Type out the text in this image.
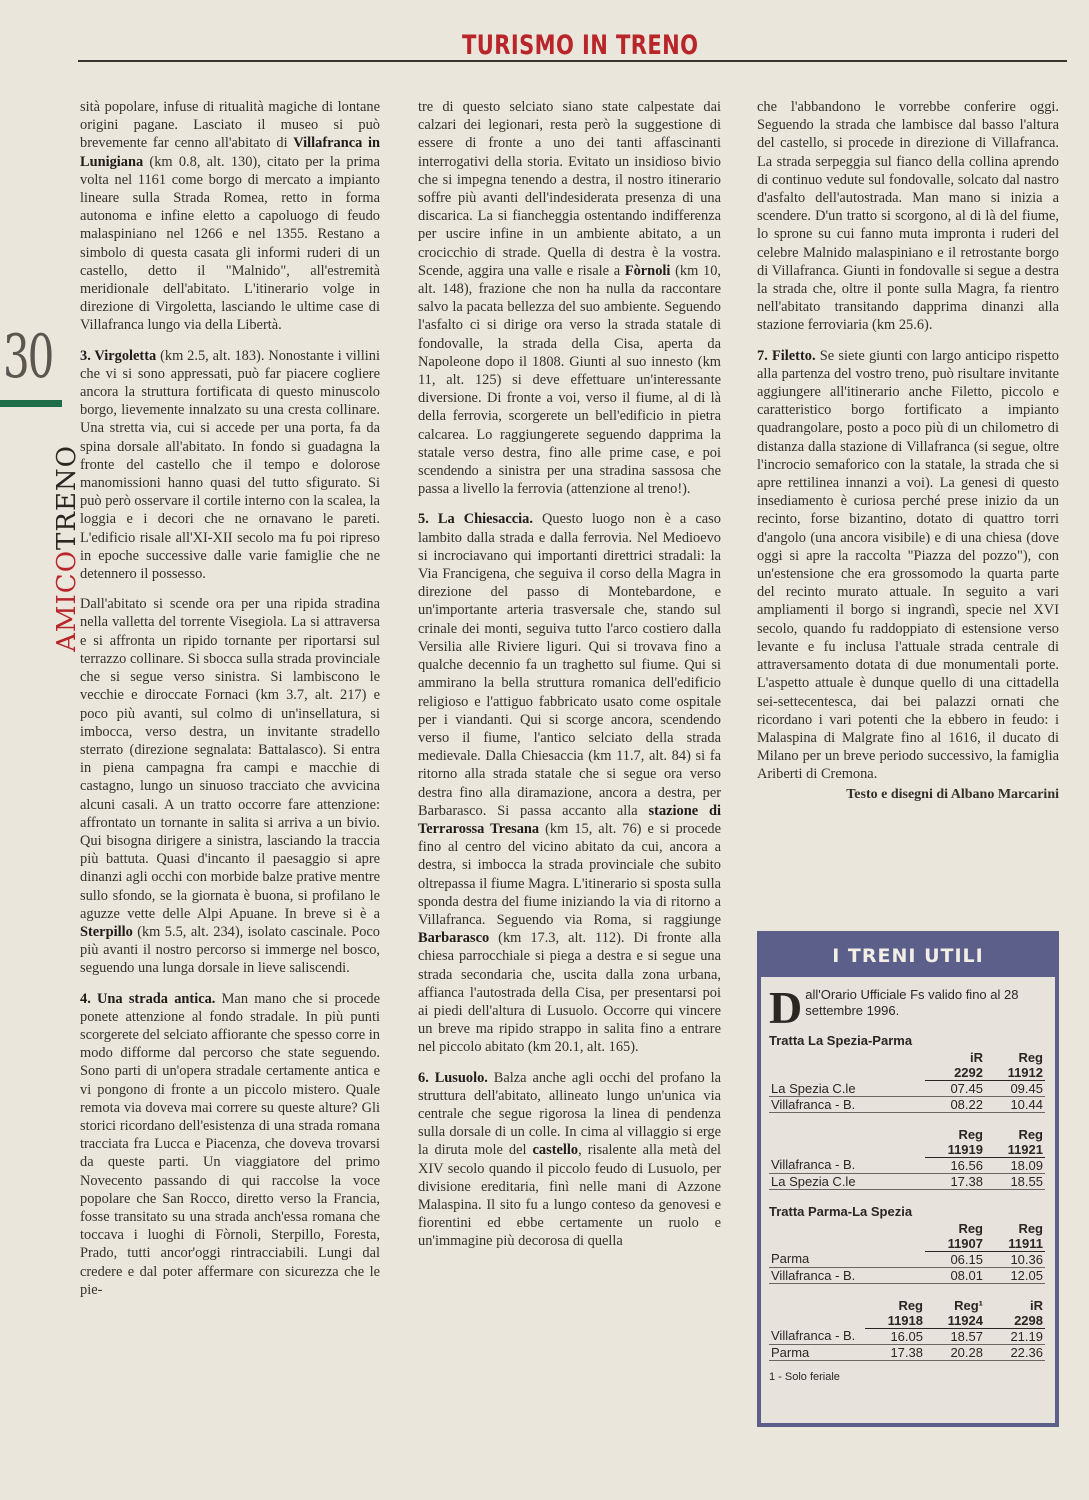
TURISMO IN TRENO
30
AMICOTRENO

sità popolare, infuse di ritualità magiche di lontane origini pagane. Lasciato il museo si può brevemente far cenno all'abitato di Villafranca in Lunigiana (km 0.8, alt. 130), citato per la prima volta nel 1161 come borgo di mercato a impianto lineare sulla Strada Romea, retto in forma autonoma e infine eletto a capoluogo di feudo malaspiniano nel 1266 e nel 1355. Restano a simbolo di questa casata gli informi ruderi di un castello, detto il "Malnido", all'estremità meridionale dell'abitato. L'itinerario volge in direzione di Virgoletta, lasciando le ultime case di Villafranca lungo via della Libertà.

3. Virgoletta (km 2.5, alt. 183). Nonostante i villini che vi si sono appressati, può far piacere cogliere ancora la struttura fortificata di questo minuscolo borgo, lievemente innalzato su una cresta collinare. Una stretta via, cui si accede per una porta, fa da spina dorsale all'abitato. In fondo si guadagna la fronte del castello che il tempo e dolorose manomissioni hanno quasi del tutto sfigurato. Si può però osservare il cortile interno con la scalea, la loggia e i decori che ne ornavano le pareti. L'edificio risale all'XI-XII secolo ma fu poi ripreso in epoche successive dalle varie famiglie che ne detennero il possesso.

Dall'abitato si scende ora per una ripida stradina nella valletta del torrente Visegiola. La si attraversa e si affronta un ripido tornante per riportarsi sul terrazzo collinare. Si sbocca sulla strada provinciale che si segue verso sinistra. Si lambiscono le vecchie e diroccate Fornaci (km 3.7, alt. 217) e poco più avanti, sul colmo di un'insellatura, si imbocca, verso destra, un invitante stradello sterrato (direzione segnalata: Battalasco). Si entra in piena campagna fra campi e macchie di castagno, lungo un sinuoso tracciato che avvicina alcuni casali. A un tratto occorre fare attenzione: affrontato un tornante in salita si arriva a un bivio. Qui bisogna dirigere a sinistra, lasciando la traccia più battuta. Quasi d'incanto il paesaggio si apre dinanzi agli occhi con morbide balze prative mentre sullo sfondo, se la giornata è buona, si profilano le aguzze vette delle Alpi Apuane. In breve si è a Sterpillo (km 5.5, alt. 234), isolato cascinale. Poco più avanti il nostro percorso si immerge nel bosco, seguendo una lunga dorsale in lieve saliscendi.

4. Una strada antica. Man mano che si procede ponete attenzione al fondo stradale. In più punti scorgerete del selciato affiorante che spesso corre in modo difforme dal percorso che state seguendo. Sono parti di un'opera stradale certamente antica e vi pongono di fronte a un piccolo mistero. Quale remota via doveva mai correre su queste alture? Gli storici ricordano dell'esistenza di una strada romana tracciata fra Lucca e Piacenza, che doveva trovarsi da queste parti. Un viaggiatore del primo Novecento passando di qui raccolse la voce popolare che San Rocco, diretto verso la Francia, fosse transitato su una strada anch'essa romana che toccava i luoghi di Fòrnoli, Sterpillo, Foresta, Prado, tutti ancor'oggi rintracciabili. Lungi dal credere e dal poter affermare con sicurezza che le pie-

tre di questo selciato siano state calpestate dai calzari dei legionari, resta però la suggestione di essere di fronte a uno dei tanti affascinanti interrogativi della storia. Evitato un insidioso bivio che si impegna tenendo a destra, il nostro itinerario soffre più avanti dell'indesiderata presenza di una discarica. La si fiancheggia ostentando indifferenza per uscire infine in un ambiente abitato, a un crocicchio di strade. Quella di destra è la vostra. Scende, aggira una valle e risale a Fòrnoli (km 10, alt. 148), frazione che non ha nulla da raccontare salvo la pacata bellezza del suo ambiente. Seguendo l'asfalto ci si dirige ora verso la strada statale di fondovalle, la strada della Cisa, aperta da Napoleone dopo il 1808. Giunti al suo innesto (km 11, alt. 125) si deve effettuare un'interessante diversione. Di fronte a voi, verso il fiume, al di là della ferrovia, scorgerete un bell'edificio in pietra calcarea. Lo raggiungerete seguendo dapprima la statale verso destra, fino alle prime case, e poi scendendo a sinistra per una stradina sassosa che passa a livello la ferrovia (attenzione al treno!).

5. La Chiesaccia. Questo luogo non è a caso lambito dalla strada e dalla ferrovia. Nel Medioevo si incrociavano qui importanti direttrici stradali: la Via Francigena, che seguiva il corso della Magra in direzione del passo di Montebardone, e un'importante arteria trasversale che, stando sul crinale dei monti, seguiva tutto l'arco costiero dalla Versilia alle Riviere liguri. Qui si trovava fino a qualche decennio fa un traghetto sul fiume. Qui si ammirano la bella struttura romanica dell'edificio religioso e l'attiguo fabbricato usato come ospitale per i viandanti. Qui si scorge ancora, scendendo verso il fiume, l'antico selciato della strada medievale. Dalla Chiesaccia (km 11.7, alt. 84) si fa ritorno alla strada statale che si segue ora verso destra fino alla diramazione, ancora a destra, per Barbarasco. Si passa accanto alla stazione di Terrarossa Tresana (km 15, alt. 76) e si procede fino al centro del vicino abitato da cui, ancora a destra, si imbocca la strada provinciale che subito oltrepassa il fiume Magra. L'itinerario si sposta sulla sponda destra del fiume iniziando la via di ritorno a Villafranca. Seguendo via Roma, si raggiunge Barbarasco (km 17.3, alt. 112). Di fronte alla chiesa parrocchiale si piega a destra e si segue una strada secondaria che, uscita dalla zona urbana, affianca l'autostrada della Cisa, per presentarsi poi ai piedi dell'altura di Lusuolo. Occorre qui vincere un breve ma ripido strappo in salita fino a entrare nel piccolo abitato (km 20.1, alt. 165).

6. Lusuolo. Balza anche agli occhi del profano la struttura dell'abitato, allineato lungo un'unica via centrale che segue rigorosa la linea di pendenza sulla dorsale di un colle. In cima al villaggio si erge la diruta mole del castello, risalente alla metà del XIV secolo quando il piccolo feudo di Lusuolo, per divisione ereditaria, finì nelle mani di Azzone Malaspina. Il sito fu a lungo conteso da genovesi e fiorentini ed ebbe certamente un ruolo e un'immagine più decorosa di quella

che l'abbandono le vorrebbe conferire oggi. Seguendo la strada che lambisce dal basso l'altura del castello, si procede in direzione di Villafranca. La strada serpeggia sul fianco della collina aprendo di continuo vedute sul fondovalle, solcato dal nastro d'asfalto dell'autostrada. Man mano si inizia a scendere. D'un tratto si scorgono, al di là del fiume, lo sprone su cui fanno muta impronta i ruderi del celebre Malnido malaspiniano e il retrostante borgo di Villafranca. Giunti in fondovalle si segue a destra la strada che, oltre il ponte sulla Magra, fa rientro nell'abitato transitando dapprima dinanzi alla stazione ferroviaria (km 25.6).

7. Filetto. Se siete giunti con largo anticipo rispetto alla partenza del vostro treno, può risultare invitante aggiungere all'itinerario anche Filetto, piccolo e caratteristico borgo fortificato a impianto quadrangolare, posto a poco più di un chilometro di distanza dalla stazione di Villafranca (si segue, oltre l'incrocio semaforico con la statale, la strada che si apre rettilinea innanzi a voi). La genesi di questo insediamento è curiosa perché prese inizio da un recinto, forse bizantino, dotato di quattro torri d'angolo (una ancora visibile) e di una chiesa (dove oggi si apre la raccolta "Piazza del pozzo"), con un'estensione che era grossomodo la quarta parte del recinto murato attuale. In seguito a vari ampliamenti il borgo si ingrandì, specie nel XVI secolo, quando fu raddoppiato di estensione verso levante e fu inclusa l'attuale strada centrale di attraversamento dotata di due monumentali porte. L'aspetto attuale è dunque quello di una cittadella sei-settecentesca, dai bei palazzi ornati che ricordano i vari potenti che la ebbero in feudo: i Malaspina di Malgrate fino al 1616, il ducato di Milano per un breve periodo successivo, la famiglia Ariberti di Cremona.

Testo e disegni di Albano Marcarini
I TRENI UTILI
Dall'Orario Ufficiale Fs valido fino al 28 settembre 1996.
Tratta La Spezia-Parma
	iR	Reg
	2292	11912
La Spezia C.le	07.45	09.45
Villafranca - B.	08.22	10.44

	Reg	Reg
	11919	11921
Villafranca - B.	16.56	18.09
La Spezia C.le	17.38	18.55
Tratta Parma-La Spezia
	Reg	Reg
	11907	11911
Parma	06.15	10.36
Villafranca - B.	08.01	12.05
	Reg	Reg¹	iR
	11918	11924	2298
Villafranca - B.	16.05	18.57	21.19
Parma	17.38	20.28	22.36
1 - Solo feriale
